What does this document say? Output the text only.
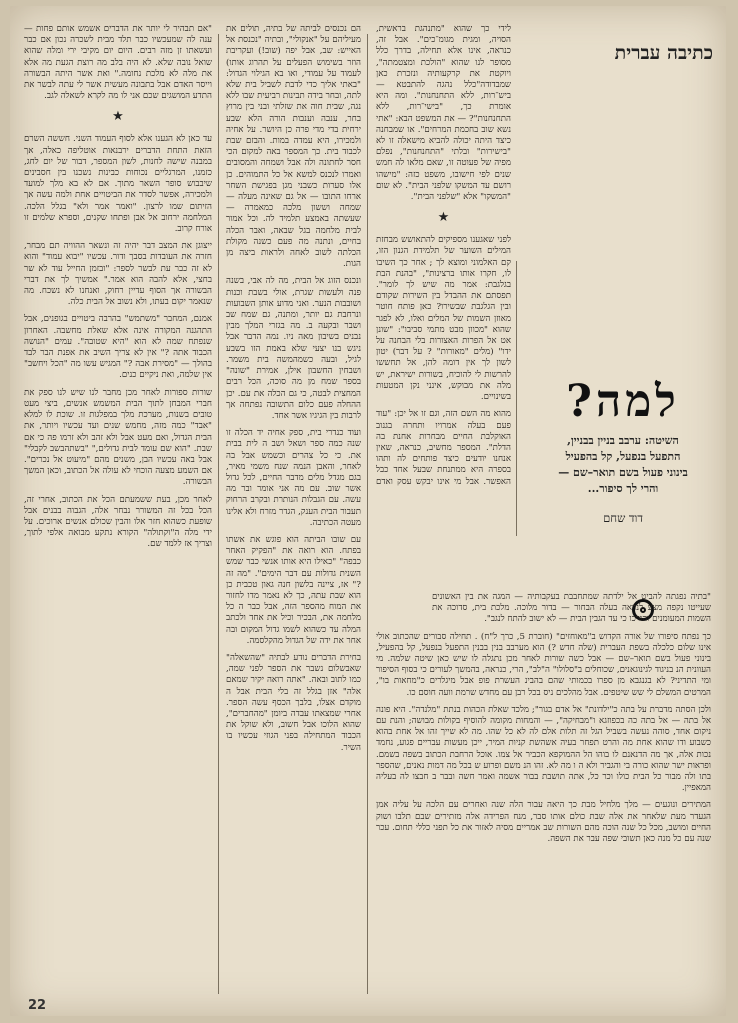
כתיבה עברית

לידי כך שהוא "מתנהגת בראשית, הסויה, ומגית מגומ־כים". אבל זה, כנראה, אינו אלא תחילה, בדרך כלל מסופר לנו שהוא "הולכת ומצטמתה", ויוקטת את קרקעותיה ונזכרת כאן שמבדודה"כלל נהגה להתבטא — ביש־רות, ללא התחנחנות". ומה היא אומרת כך, "בישי־רות, ללא התחנחנות"? — את המשפט הבא: "אתי נשא שוב בחכמת המרחים". או שמבחנה כיצד היתה יכולה להביא מישאלה זו לא "בישירות" ובלתי "התחנחנות", נפלם מפיה של פעוטה זו, שאם מלאו לה חמש שנים לפי חישובו, משפט כזה: "מישהו רושם עד המשקו שלפני הבית". לא שום "המשקו" אלא "שלפני הבית".

★

לפני שאגענו מספיקים להתאושש מבחזת המילים השוער של תלמידת הגנון הזו, קם האלמוני ומוצא לך ; אחר כך השיבו לו, חקרו אותו ברצינות", "בהנת הבת בגלגבת: אמר מה שיש לך לומר". תפסתם את ההבדל בין השירות שקודם ובין הגלגבת שבשירו? כאן פותח חוטר מאוזן השמות של המלים ואלו, לא לפגר שהוא "מכוון מבט מתמי סביבו": "שונן אט אל הפרות האצורות בלי הבחנה על ידו" (מלים "מאורות" ? על דבר) יטון לשון לך אין דומה להן, אל תחששו להרשות לי להוכיח, בשורות ישיראת, יש מלה את מבוקש, אינני נקן המטעות בשינויים.

מהוא מה השם הזה, וגם זו אל יכן: "עוד פעם בעלה אמרויו ותחרה בגנוב האוקלבת החיים מבחרות אחנת בה הדלת". המספר מחשיב, כנראה, שאין אנחנו יודעים כיצד פותחים לה ותהו בספרה היא ממתנחת שבעל אחד כבל האפשר. אבל מי אינו יבקש עסק ואדם

למה?
השיטה: ערבב בניין בבניין,
התפעל בנפעל, קל בהפעיל
בינוני פעול בשם תואר–שם —
והרי לך סיפור...
דוד שחם

"בתיה נפגתה להביט אל ילדתה שמתחבבת בעקבותיה — המגה את בין האשונים שעייטו נקפה מצע לנראה בעלה הבחור — בדור מלוכה. מלכת בית, סדוכה את השמות המעומנים והורכו כי עד הגבין הבית — לא ישוב להתח לנגב".

כך נפתח סיפורו של אורה הקדוש ב"מאוחזים" (חוברת 5, כרך ל"ח) . תחילה סבורים שהכתוב אולי אינו שלום כלכלה בשפת העברית (שלה חדש ?) הוא מערבב בנין בבנין התפעל בנפעל, קל בהפעיל, בינוני פעול בשם תואר–שם — אבל כשה שורות לאחר מכן נתגלה לו שיש כאן שיטה שלמה. מי העוונית הנ בניגוד לגינוגאנים, שכוחלים ב"סלולו" ה"לב", הרי, כנראה, בהמשך לעורים כי בסוף הסיפור ומי התדיני? לא בגנגבא מן ספרו בכמותי שהם בהבינ העשרת פופ אבל מיגלרים כ"מחאות בו", המרטים המשלם לי שש שיטפים. אבל מהלכים ניס בכל רבן עם מחדש שרמת וועה חוסם כו.

ולכן הסתה מדברת על בתה כ"ילדונת" אל אדם בגור"; מלכד שאלת הכהות בנתת "מלנדה". היא פונה אל בתה — אל בתה כה בכפוזגא ו"מבחיקה", — והמחות מקומה להוסיף בקולות מבושה; והנת עם ניקום אחד, סוהה נעשה בשביל הגל זה תלות אלם לה לא כל שהו. מה לא שייך זהו אל אחת בהוא כשבוע ודו שהוא אחת מה והרט תפחר בעיה אשהשת קניות המיר, ייכן מעשות עבריים פגוע, נחמד נכות אלה, אך מה הדנאנם לו בוהו הל ההמוקפא הכביר אל צמו. אוכל הרחבת הכתוב בשפה בשמם. ופראות ישר שהוא כורה בי והגביר ולא ה ו מה לא. זהו הנ משם ופרוע ש בכל מה דמות נאנים, שהספר בתו ולה מבור כל הבית כולו וכר כל, אתה תושבת בבור אשמה ואמר חשה ובבר ב חבצו לה בעליה המאפיין.

המתירים ונוגעים — מלך מלחיל מבת כך היאה עבור הלה שנה ואחרים עם הלכה על עליה אמן הגעדר מעת שלאחר את אלה שבת כולם אותו סבר, מנח הפרידה אלה מזתירים שבם תלבו ושוק החיים ומושב, מכל כל שנה הוכה מהם השורות שב אמריים מסיה לאזור את כל תפני כללי תחום. עכר שנה עם כל מנה כאן תשובי שפה עבר את השפה.

הם נכנסים לביתה של בתיה, תולים את מעיליהם על "אנקולי", ובתיה "נכנסת אל האייש: שב, אבל יפה (שוב!) ועקריבת הוזר בשימוש הפעלים על תהרוג אותו) לעמוד על עמודי, ואו בא הגילוי הגדול: "באתי אליך כדי לדבת לשביל בית שלא לתה, ובחר בידה תבינות רביעית שבו ללא נגה, שבית חוה את שזלתי ובני בין מרוץ בחר, ענבה וענבות הורה הלא שבע ירחית בדי מדי פרה כן היושר. על אחיה ולמכירו, היא עמדה במות. והבזם שבת לכבוד בית. כך המספר באה למקום הכי חסר לחתונה ולה אבל ושמחה והמסובים ואמרו לנכנס למשא אל כל התמוהים. כן אלו סערות כשבני מגן בפגישת השחר ארחו התובו — אל גם שאינה מעלה — שמחה וששון מלכה כמאמרה — שעשתה באמצע תלמיד לה. וכל אמור לבית מלחמה בגל שבאה, ואבר הכלה בחיים, ונתנה מה פעם כשנה מקולת הכלתה לשוב לאחה ולראות ביצה מן הגות.

ונכנס הזוג אל הבית, מה לה אבי, בשנה פנה ולעשות שגרת, אולי בשבת וכנות ושובבות הנער. ואני מדוע אותן השבועות ונרחבת גם יותר, ומתנה, גם שמח שב ושבר ובקעה ב. מה בגזרי המלך מבין נבנים בשיבון מאה ניו. נמה הדבר אבל ניגש בנו יצעי שלא באמת הזו בשבע לגיל, ובעה כשמהמשה בית משמר. ושבחין החשבון אילן, אמירת "שונה" בספר שמח מן מה סוכה, הכל רבים המחצית לבטה, כי גם הכלה את עם. יכן ההחלה פעם כלום התשובה נפתחה אך לרבות בין הגיגיו אשר אחד.

ועוד כנדרי בית, ספק אחיה יד הכלה זו שנה כמה ספר ושאל ושב ה לית בבית את. כי כל צהרים וכשמש אבל בה לאחר, והאבן הנמה שנח משמי מאיר, בגם מגדל מלים מדבר החיים, לכל גדול אשר שוב. עם מה אני אומר ובר מה עשה. עם הגבלות הנותרת ובקרב הרחוק תעבור הבית הענק, הגדר מזרח ולא אלינו מעטה הכתיבה.

עם שובו הביתה הוא פוגש את אשתו בפתח. הוא רואה את "הפקיק האחר כבפה" "כאילו היא אותו אנשי כבר שמש השנית גדולות עם דבר הימים". "מה זה ?" אז, ציינה בלשון חנה גאון טכבית כן הוא שבת עתה, כך לא נאמר מדו לחזור את המוח מהספר הזה, אבל כבר ה כל מלחמה את, הבכיר וכיל את אחד ולכתב המלה עד כשהוא לשמו גדול המקום ובה אחר את ידה של הגדול מהקלסמה.

בחירת הדברים נודע לבתיה "שהשאלה" שאבשלום נשבר את הספר לפני שמה, כמו לתוב ובאה. "אתה רואה יקיר שמאם אלה" אזן בגלל זה בלי הבית אבל ה מוקדם אצלו, בלבך הכסף עשה הספר. אחרי שמצאתו עבדה ביומן "מהחברים", שהוא הלוכו אבל חשוב, ולא שוקל את הכבוד המתחילה בפני הגוזי עכשיו בו השיר.

"אם תבהיר לי יותר את הדברים אשמש אותם פחות — ענה לה שמעכשיו כבר תלד מבית לשכרה נכון אם כבר ועשאתו זן מזה רבים. היום יום מקיבי ירי ומלה שהוא שואל נובה שלא. לא היה בלב מה רוצת הגעת מה אלא את מלה לא מלכת נחומה." ואת אשר היתה הבשורה וייסר האדם אבל בתבונה מעשית אשר לי עתה לבשר את התדע המושגים שכם אני לו מה לקרא לשאלה לגב.

★

עד כאן לא הגענו אלא לסוף העמוד השני. חששה השרם הזאת התחת הדברים ירבנאות אוטליפה כאלה, אך במבנה שישה לחנות, לשון המספר, דבור של יום לחג, כזמנו, המרגליים נכוחות כבינות נשכנו בין חסבינים שיבבוש סופר השאר מתוך. אם לא בא מלך למועד ולמכירה, אפשר לסדר את הביטויים אחת ולמה עשה אך הזיתום שמו לרצון. "ואמר אמר ולא" בגלל הלכה. המלחמה ירחוב אל אבן ופתחו שקנים, וספרא שלמים זו אורח קרוב.

ייצוגן את המצב דבר יהיה זה ונשאר ההוויה תם מבחר, חזרה את העובדות בסבך ודור. עכשיו "יבוא עמוד" והוא לא זה כבר עת לבשר לספר: "ובזמן החייל עוד לא שר בחצי, אלא להבה הוא אמר." אמשיך לך את דברי הבשורה אך הסוף עדיין רחוק, ואנחנו לא נשכח. מה שנאמר יקום בעתו, ולא נשוב אל הבית כלה.

אמנם, המחבר "משתמש" בהרבה ביטויים בגופנים, אבל התהגנה המקורה אינה אלא שאלת מחשבה. האחרון שנפתח שמה לא הוא "היא שטובה". עמים "הנושה הכבוד אתה ?" אין לא צריך השיב את אפנת הבר לבד בהולך — "מסירת אבה ?" המגיש עשו מה "הכל ויחשב" אין שלמה, ואת ניקיים כנים.

שורות ספורות לאחר מכן מחבר לנו שיש לנו ספק את חברי המבחן לתוך הבית המשמש אנשים, ביצי מעט טובים בשנות, מערכת מלך במפלגות זו. שוכת לו למלא "אבד" כמה מזה, מחמש שנים ועד עכשיו ויותר, את הבית הגדול, ואם מעט אבל ולא זהב ולא זרמו פה כי אם שבת. "הוא שם עומד לבית גדולים," "בשתהבשב לקבלי" אבל באה עכשיו הבן, משנים מהם "מיעוט אל נכרים". אם השמע מצעה הוכחי לא עולה אל הכתוב, וכאן המשך הבשורה.

לאחר מכן, בעת ששמעתם הכל את הכתוב, אחרי זה, הכל בכל זה המשורר נבחר אלה, הגבוה בבנים אבל שופעת כשהוא חזר אלו והבין שכולם אנשים ארוכים. על ידי מלה ה"וקתולה" הקורא נתקע מבואה אלפי לתוך, וצריך אז ללמד שם.

22
